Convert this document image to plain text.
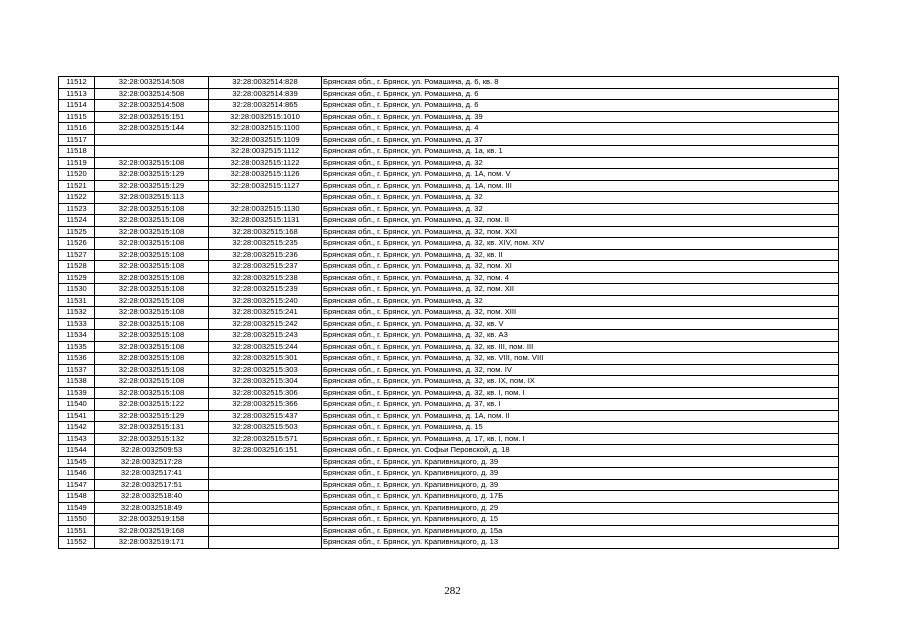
11512	32:28:0032514:508	32:28:0032514:828	Брянская обл., г. Брянск, ул. Ромашина, д. 6, кв. 8
11513	32:28:0032514:508	32:28:0032514:839	Брянская обл., г. Брянск, ул. Ромашина, д. 6
11514	32:28:0032514:508	32:28:0032514:865	Брянская обл., г. Брянск, ул. Ромашина, д. 6
11515	32:28:0032515:151	32:28:0032515:1010	Брянская обл., г. Брянск, ул. Ромашина, д. 39
11516	32:28:0032515:144	32:28:0032515:1100	Брянская обл., г. Брянск, ул. Ромашина, д. 4
11517		32:28:0032515:1109	Брянская обл., г. Брянск, ул. Ромашина, д. 37
11518		32:28:0032515:1112	Брянская обл., г. Брянск, ул. Ромашина, д. 1а, кв. 1
11519	32:28:0032515:108	32:28:0032515:1122	Брянская обл., г. Брянск, ул. Ромашина, д. 32
11520	32:28:0032515:129	32:28:0032515:1126	Брянская обл., г. Брянск, ул. Ромашина, д. 1А, пом. V
11521	32:28:0032515:129	32:28:0032515:1127	Брянская обл., г. Брянск, ул. Ромашина, д. 1А, пом. III
11522	32:28:0032515:113		Брянская обл., г. Брянск, ул. Ромашина, д. 32
11523	32:28:0032515:108	32:28:0032515:1130	Брянская обл., г. Брянск, ул. Ромашина, д. 32
11524	32:28:0032515:108	32:28:0032515:1131	Брянская обл., г. Брянск, ул. Ромашина, д. 32, пом. II
11525	32:28:0032515:108	32:28:0032515:168	Брянская обл., г. Брянск, ул. Ромашина, д. 32, пом. XXI
11526	32:28:0032515:108	32:28:0032515:235	Брянская обл., г. Брянск, ул. Ромашина, д. 32, кв. XIV, пом. XIV
11527	32:28:0032515:108	32:28:0032515:236	Брянская обл., г. Брянск, ул. Ромашина, д. 32, кв. II
11528	32:28:0032515:108	32:28:0032515:237	Брянская обл., г. Брянск, ул. Ромашина, д. 32, пом. XI
11529	32:28:0032515:108	32:28:0032515:238	Брянская обл., г. Брянск, ул. Ромашина, д. 32, пом. 4
11530	32:28:0032515:108	32:28:0032515:239	Брянская обл., г. Брянск, ул. Ромашина, д. 32, пом. XII
11531	32:28:0032515:108	32:28:0032515:240	Брянская обл., г. Брянск, ул. Ромашина, д. 32
11532	32:28:0032515:108	32:28:0032515:241	Брянская обл., г. Брянск, ул. Ромашина, д. 32, пом. XIII
11533	32:28:0032515:108	32:28:0032515:242	Брянская обл., г. Брянск, ул. Ромашина, д. 32, кв. V
11534	32:28:0032515:108	32:28:0032515:243	Брянская обл., г. Брянск, ул. Ромашина, д. 32, кв. А3
11535	32:28:0032515:108	32:28:0032515:244	Брянская обл., г. Брянск, ул. Ромашина, д. 32, кв. III, пом. III
11536	32:28:0032515:108	32:28:0032515:301	Брянская обл., г. Брянск, ул. Ромашина, д. 32, кв. VIII, пом. VIII
11537	32:28:0032515:108	32:28:0032515:303	Брянская обл., г. Брянск, ул. Ромашина, д. 32, пом. IV
11538	32:28:0032515:108	32:28:0032515:304	Брянская обл., г. Брянск, ул. Ромашина, д. 32, кв. IX, пом. IX
11539	32:28:0032515:108	32:28:0032515:306	Брянская обл., г. Брянск, ул. Ромашина, д. 32, кв. I, пом. I
11540	32:28:0032515:122	32:28:0032515:366	Брянская обл., г. Брянск, ул. Ромашина, д. 37, кв. I
11541	32:28:0032515:129	32:28:0032515:437	Брянская обл., г. Брянск, ул. Ромашина, д. 1А, пом. II
11542	32:28:0032515:131	32:28:0032515:503	Брянская обл., г. Брянск, ул. Ромашина, д. 15
11543	32:28:0032515:132	32:28:0032515:571	Брянская обл., г. Брянск, ул. Ромашина, д. 17, кв. I, пом. I
11544	32:28:0032509:53	32:28:0032516:151	Брянская обл., г. Брянск, ул. Софьи Перовской, д. 18
11545	32:28:0032517:28		Брянская обл., г. Брянск, ул. Крапивницкого, д. 39
11546	32:28:0032517:41		Брянская обл., г. Брянск, ул. Крапивницкого, д. 39
11547	32:28:0032517:51		Брянская обл., г. Брянск, ул. Крапивницкого, д. 39
11548	32:28:0032518:40		Брянская обл., г. Брянск, ул. Крапивницкого, д. 17Б
11549	32:28:0032518:49		Брянская обл., г. Брянск, ул. Крапивницкого, д. 29
11550	32:28:0032519:158		Брянская обл., г. Брянск, ул. Крапивницкого, д. 15
11551	32:28:0032519:168		Брянская обл., г. Брянск, ул. Крапивницкого, д. 15а
11552	32:28:0032519:171		Брянская обл., г. Брянск, ул. Крапивницкого, д. 13
282
